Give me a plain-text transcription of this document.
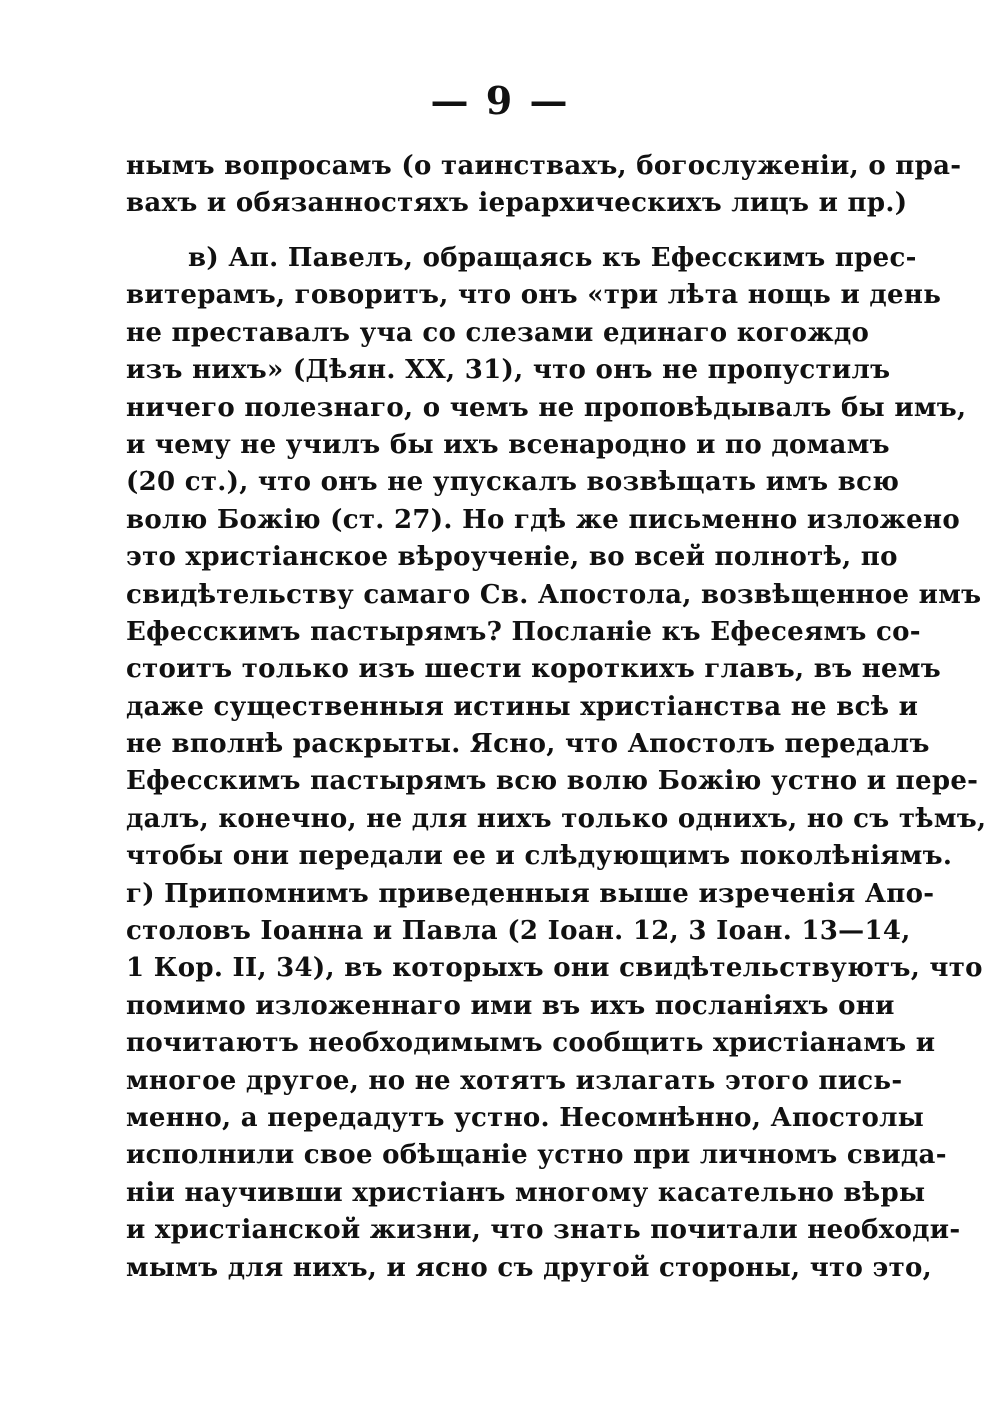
— 9 —
нымъ вопросамъ (о таинствахъ, богослуженіи, о пра-
вахъ и обязанностяхъ іерархическихъ лицъ и пр.)
в) Ап. Павелъ, обращаясь къ Ефесскимъ прес-
витерамъ, говоритъ, что онъ «три лѣта нощь и день
не преставалъ уча со слезами единаго когождо
изъ нихъ» (Дѣян. XX, 31), что онъ не пропустилъ
ничего полезнаго, о чемъ не проповѣдывалъ бы имъ,
и чему не училъ бы ихъ всенародно и по домамъ
(20 ст.), что онъ не упускалъ возвѣщать имъ всю
волю Божію (ст. 27). Но гдѣ же письменно изложено
это христіанское вѣроученіе, во всей полнотѣ, по
свидѣтельству самаго Св. Апостола, возвѣщенное имъ
Ефесскимъ пастырямъ? Посланіе къ Ефесеямъ со-
стоитъ только изъ шести короткихъ главъ, въ немъ
даже существенныя истины христіанства не всѣ и
не вполнѣ раскрыты. Ясно, что Апостолъ передалъ
Ефесскимъ пастырямъ всю волю Божію устно и пере-
далъ, конечно, не для нихъ только однихъ, но съ тѣмъ,
чтобы они передали ее и слѣдующимъ поколѣніямъ.
г) Припомнимъ приведенныя выше изреченія Апо-
столовъ Іоанна и Павла (2 Іоан. 12, 3 Іоан. 13—14,
1 Кор. II, 34), въ которыхъ они свидѣтельствуютъ, что
помимо изложеннаго ими въ ихъ посланіяхъ они
почитаютъ необходимымъ сообщить христіанамъ и
многое другое, но не хотятъ излагать этого пись-
менно, а передадутъ устно. Несомнѣнно, Апостолы
исполнили свое обѣщаніе устно при личномъ свида-
ніи научивши христіанъ многому касательно вѣры
и христіанской жизни, что знать почитали необходи-
мымъ для нихъ, и ясно съ другой стороны, что это,
